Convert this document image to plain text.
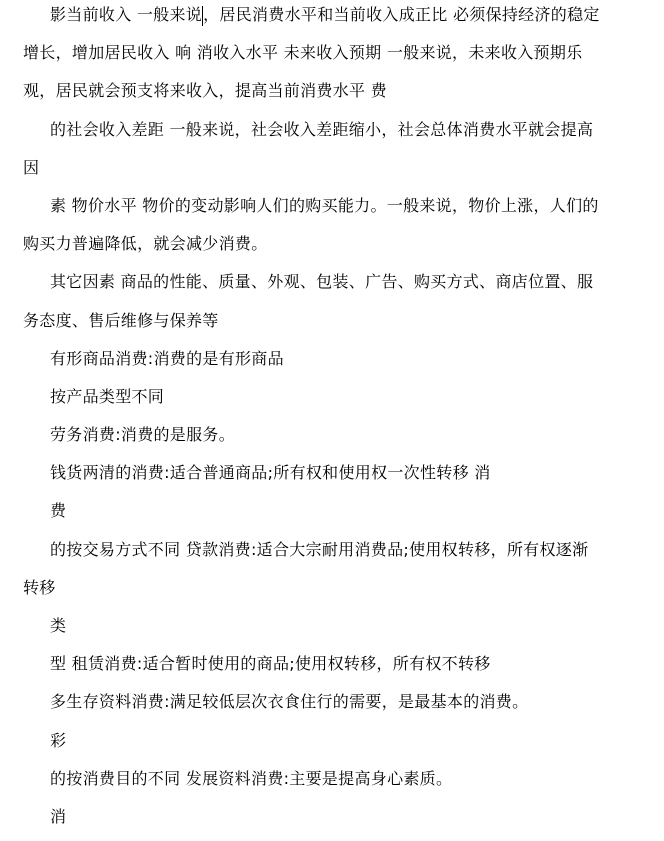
影当前收入 一般来说，居民消费水平和当前收入成正比 必须保持经济的稳定
增长，增加居民收入 响 消收入水平 未来收入预期 一般来说，未来收入预期乐
观，居民就会预支将来收入，提高当前消费水平 费
的社会收入差距 一般来说，社会收入差距缩小，社会总体消费水平就会提高
因
素 物价水平 物价的变动影响人们的购买能力。一般来说，物价上涨，人们的
购买力普遍降低，就会减少消费。
其它因素 商品的性能、质量、外观、包装、广告、购买方式、商店位置、服
务态度、售后维修与保养等
有形商品消费:消费的是有形商品
按产品类型不同
劳务消费:消费的是服务。
钱货两清的消费:适合普通商品;所有权和使用权一次性转移 消
费
的按交易方式不同 贷款消费:适合大宗耐用消费品;使用权转移，所有权逐渐
转移
类
型 租赁消费:适合暂时使用的商品;使用权转移，所有权不转移
多生存资料消费:满足较低层次衣食住行的需要，是最基本的消费。
彩
的按消费目的不同 发展资料消费:主要是提高身心素质。
消
